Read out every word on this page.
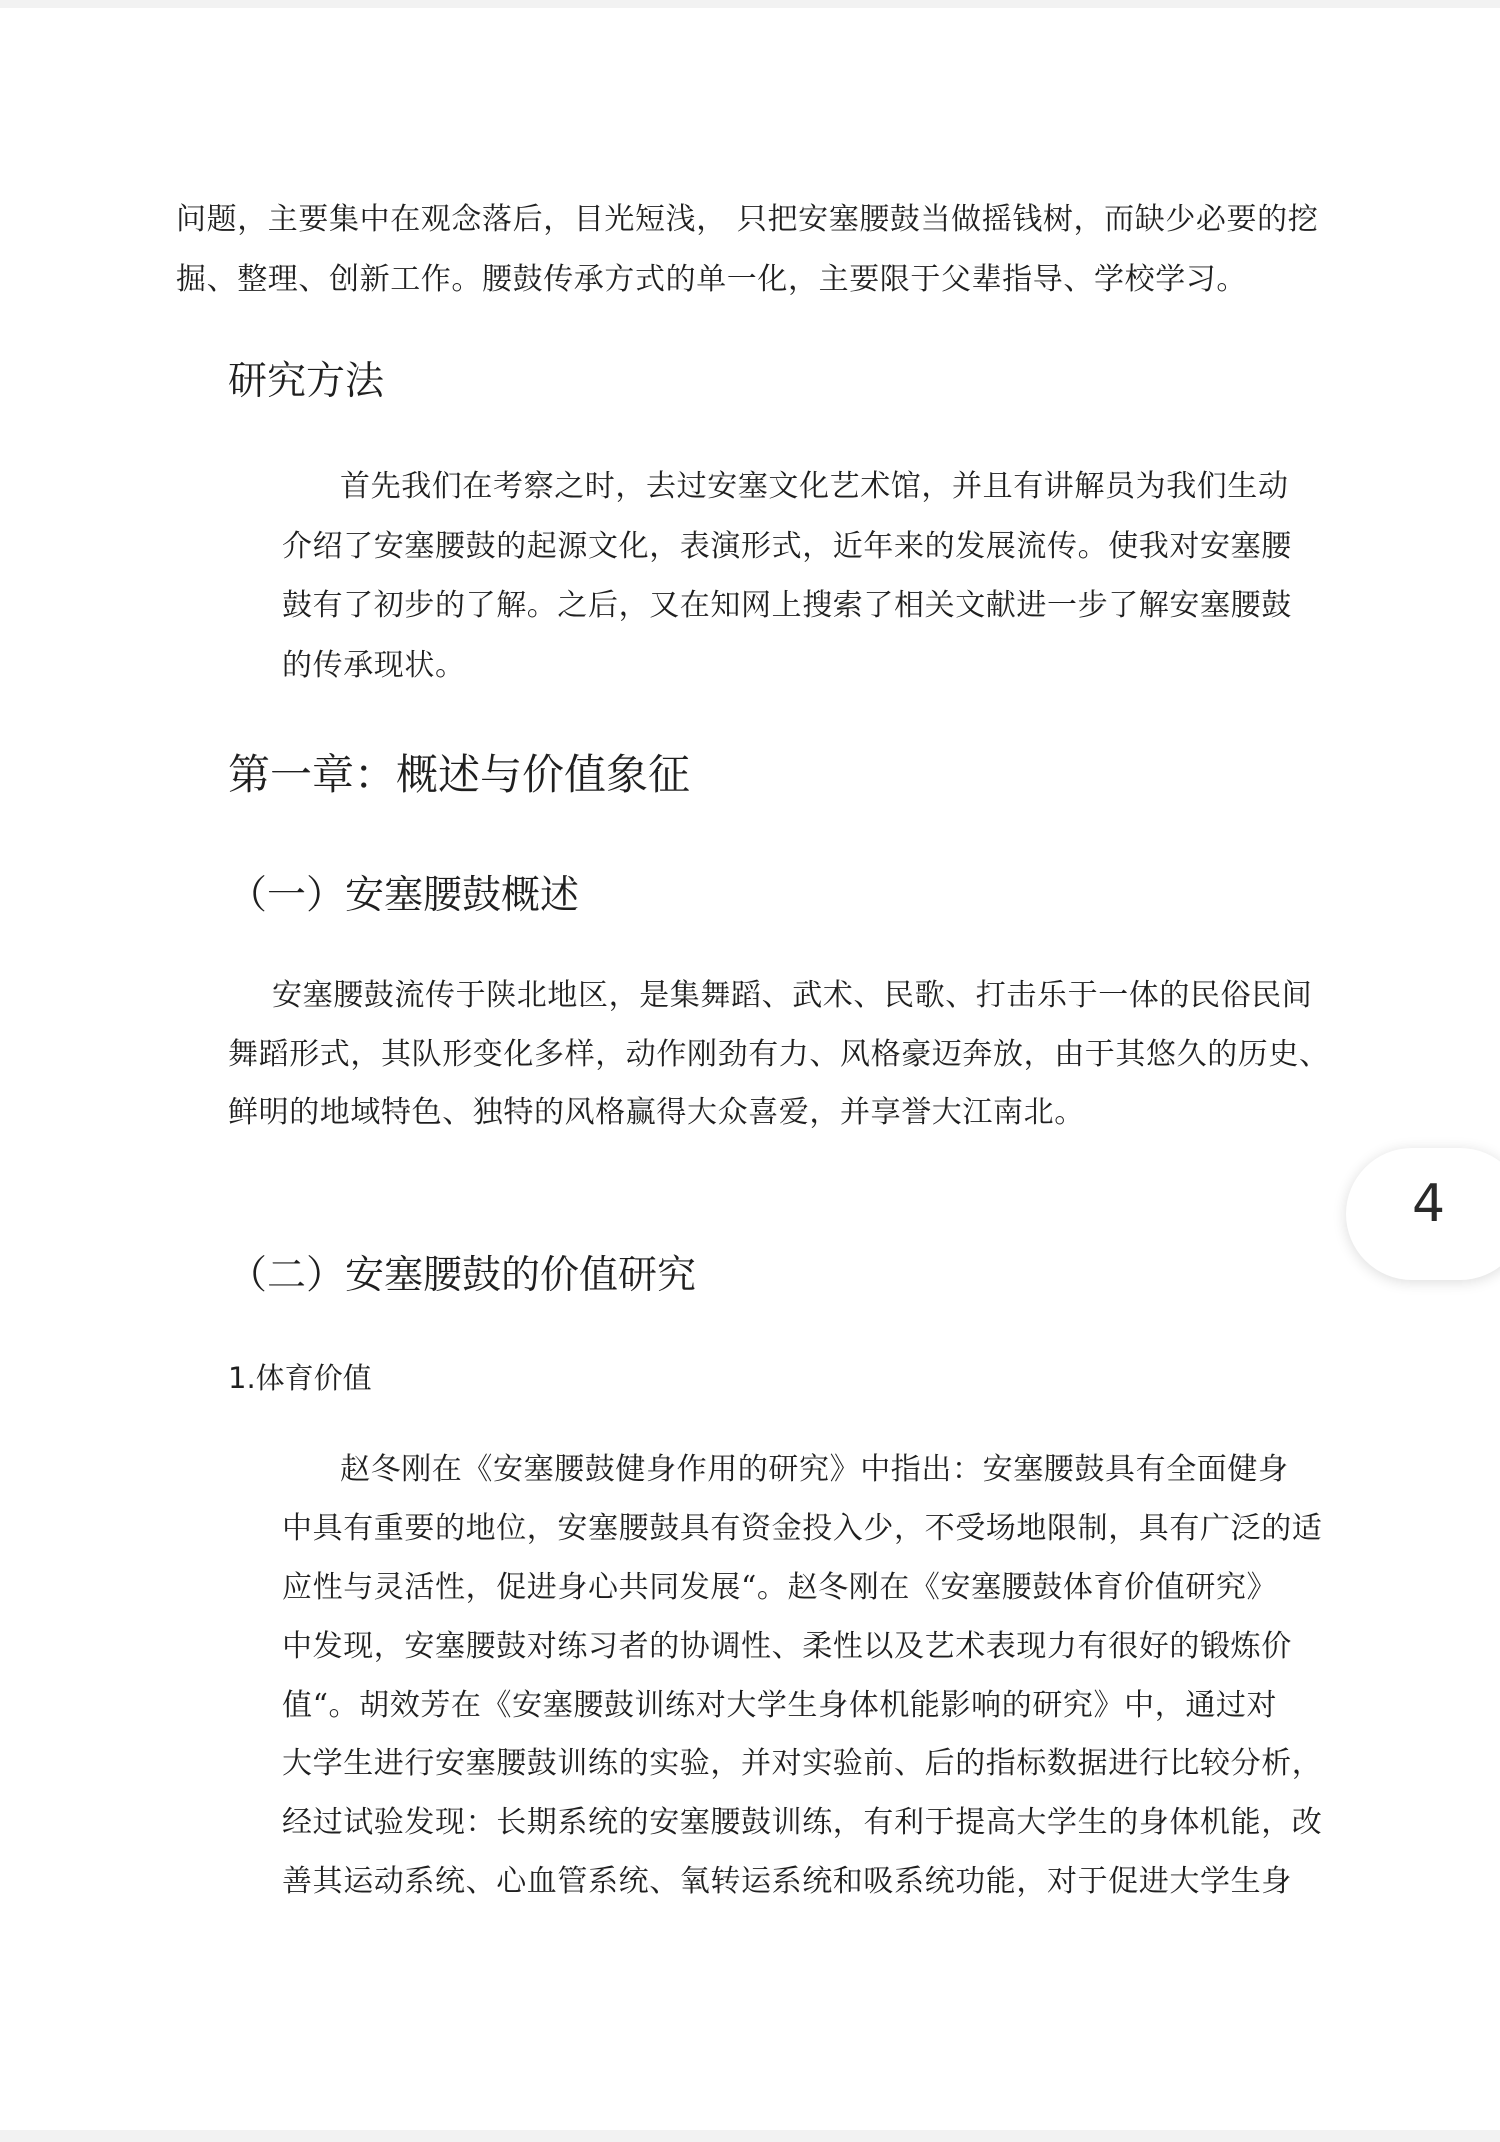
问题，主要集中在观念落后，目光短浅， 只把安塞腰鼓当做摇钱树，而缺少必要的挖
掘、整理、创新工作。腰鼓传承方式的单一化，主要限于父辈指导、学校学习。
研究方法
首先我们在考察之时，去过安塞文化艺术馆，并且有讲解员为我们生动
介绍了安塞腰鼓的起源文化，表演形式，近年来的发展流传。使我对安塞腰
鼓有了初步的了解。之后，又在知网上搜索了相关文献进一步了解安塞腰鼓
的传承现状。
第一章：概述与价值象征
（一）安塞腰鼓概述
安塞腰鼓流传于陕北地区，是集舞蹈、武术、民歌、打击乐于一体的民俗民间
舞蹈形式，其队形变化多样，动作刚劲有力、风格豪迈奔放，由于其悠久的历史、
鲜明的地域特色、独特的风格赢得大众喜爱，并享誉大江南北。
（二）安塞腰鼓的价值研究
1.体育价值
赵冬刚在《安塞腰鼓健身作用的研究》中指出：安塞腰鼓具有全面健身
中具有重要的地位，安塞腰鼓具有资金投入少，不受场地限制，具有广泛的适
应性与灵活性，促进身心共同发展“。赵冬刚在《安塞腰鼓体育价值研究》
中发现，安塞腰鼓对练习者的协调性、柔性以及艺术表现力有很好的锻炼价
值“。胡效芳在《安塞腰鼓训练对大学生身体机能影响的研究》中，通过对
大学生进行安塞腰鼓训练的实验，并对实验前、后的指标数据进行比较分析，
经过试验发现：长期系统的安塞腰鼓训练，有利于提高大学生的身体机能，改
善其运动系统、心血管系统、氧转运系统和吸系统功能，对于促进大学生身
4
